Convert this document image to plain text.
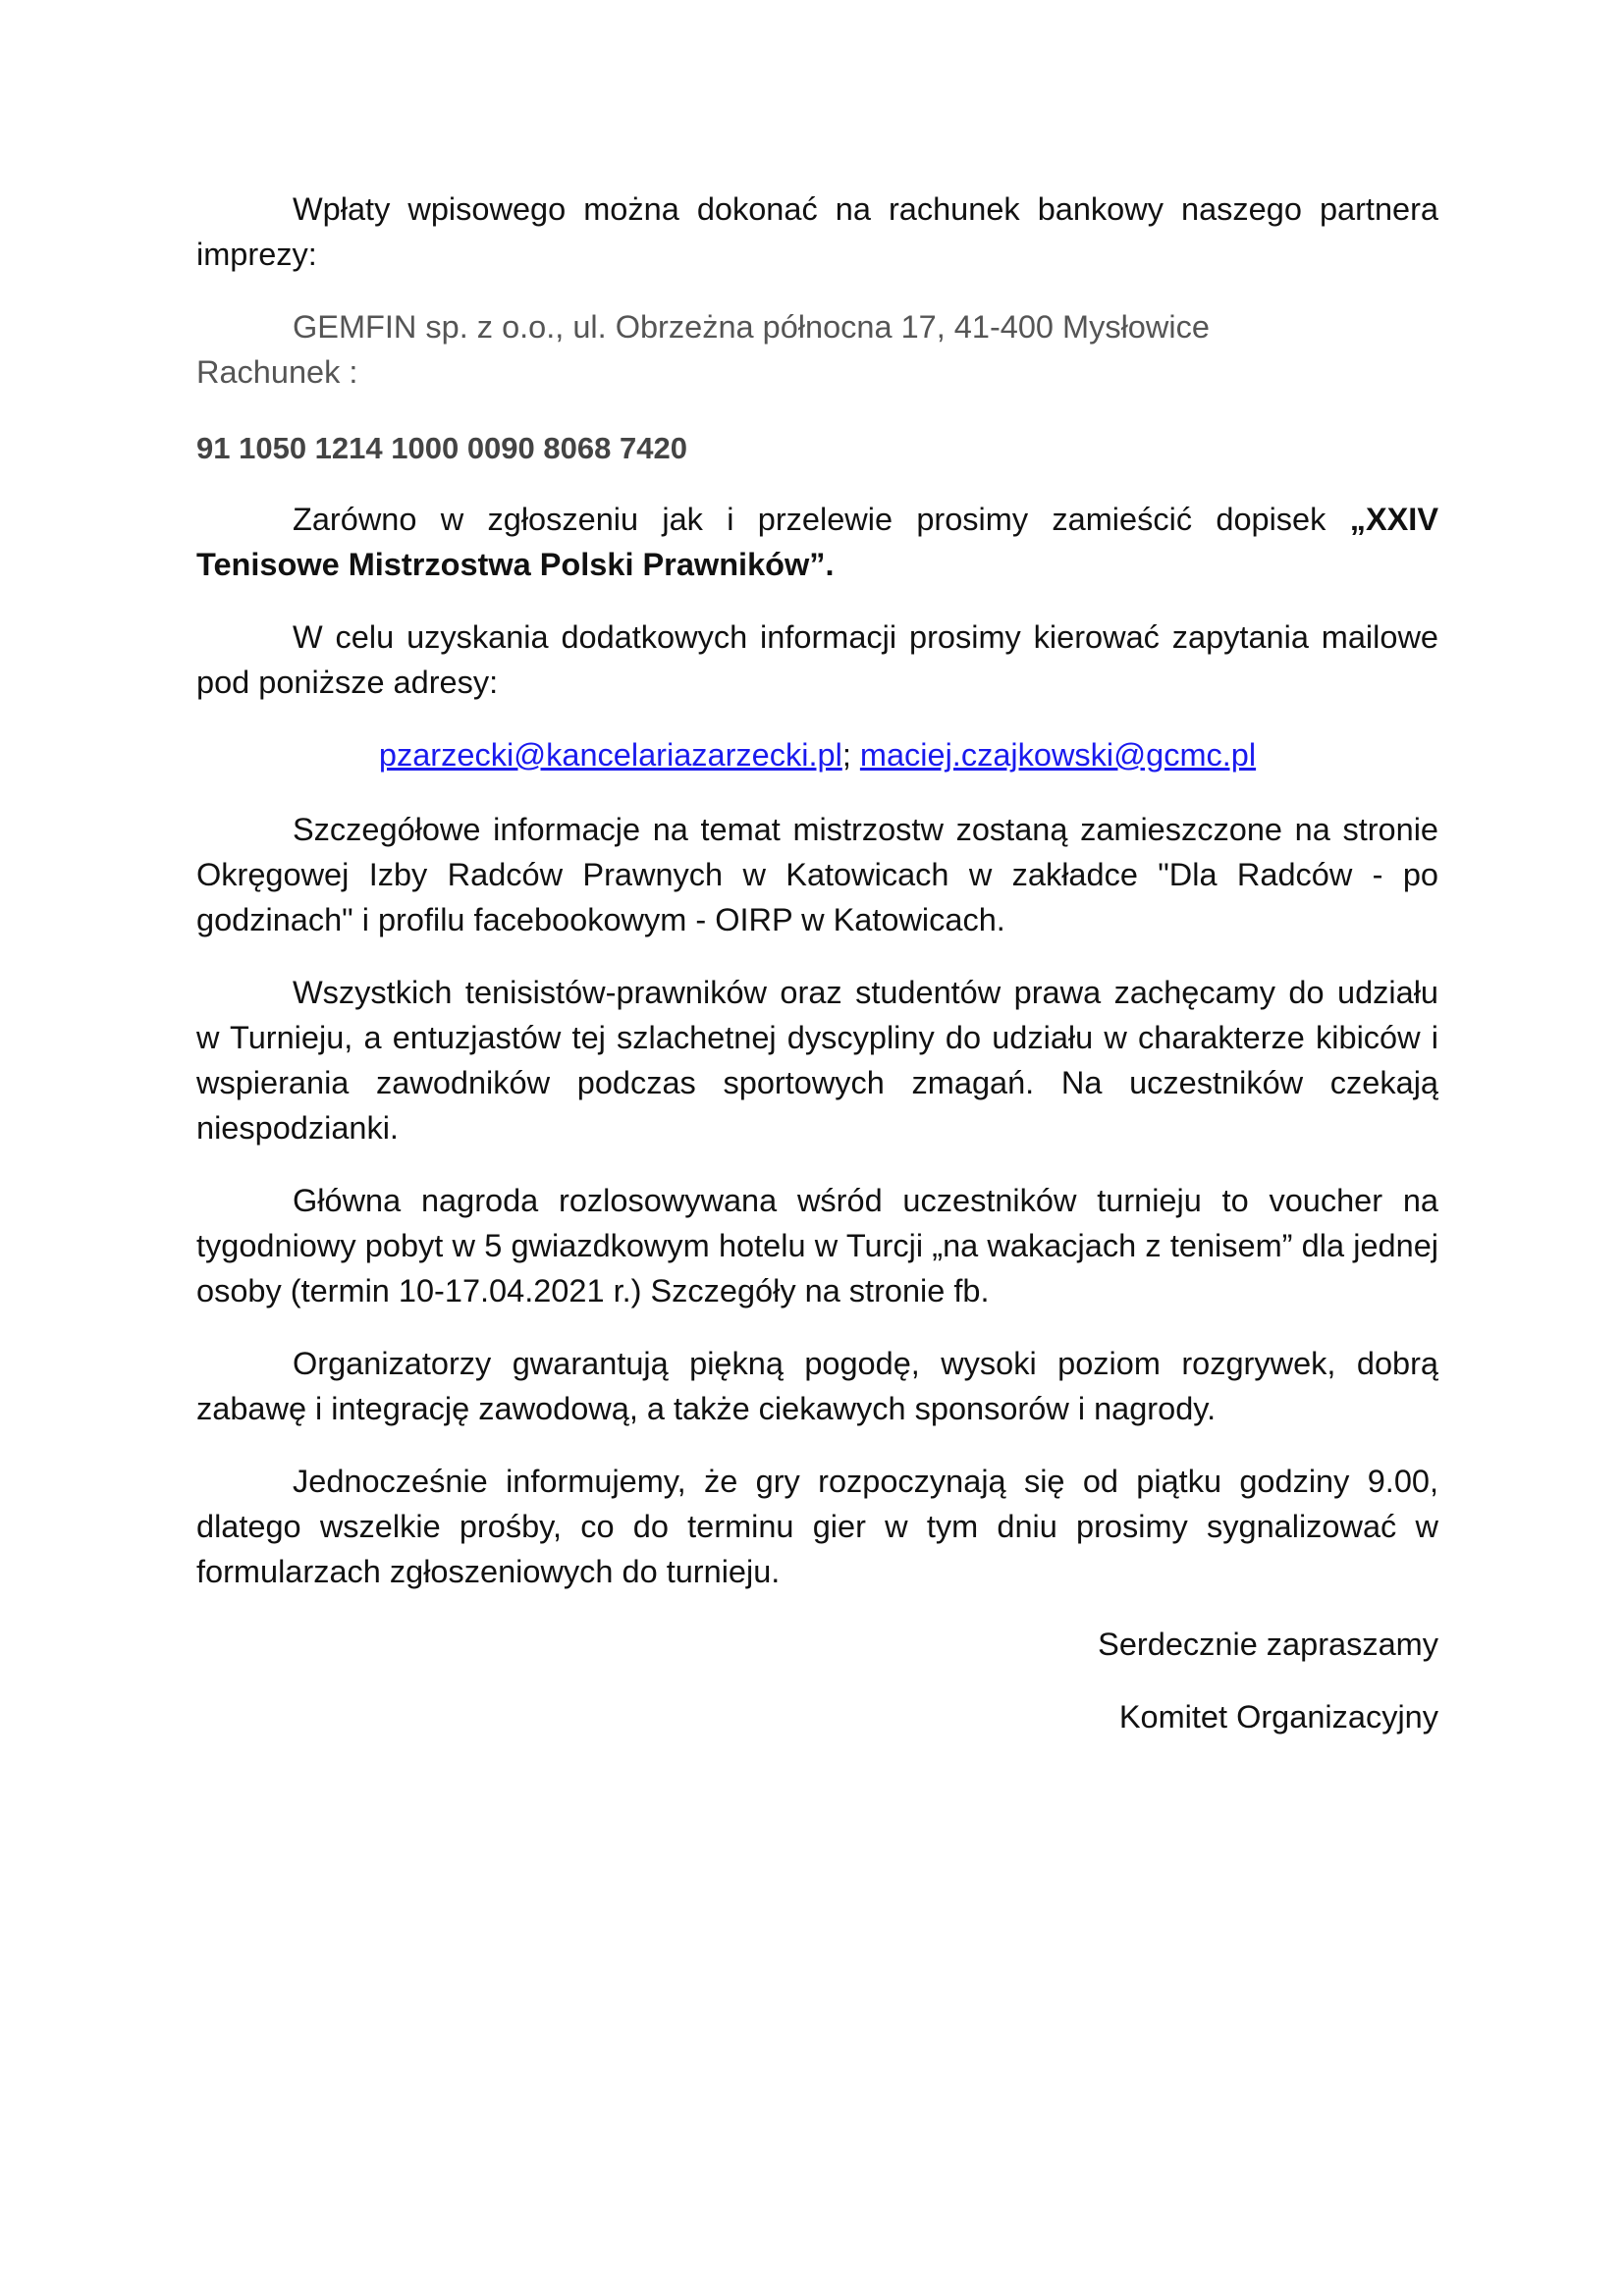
Wpłaty wpisowego można dokonać na rachunek bankowy naszego partnera imprezy:

GEMFIN sp. z o.o., ul. Obrzeżna północna 17, 41-400 Mysłowice
Rachunek :

91 1050 1214 1000 0090 8068 7420

Zarówno w zgłoszeniu jak i przelewie prosimy zamieścić dopisek „XXIV Tenisowe Mistrzostwa Polski Prawników”.

W celu uzyskania dodatkowych informacji prosimy kierować zapytania mailowe pod poniższe adresy:

pzarzecki@kancelariazarzecki.pl; maciej.czajkowski@gcmc.pl

Szczegółowe informacje na temat mistrzostw zostaną zamieszczone na stronie Okręgowej Izby Radców Prawnych w Katowicach w zakładce "Dla Radców - po godzinach" i profilu facebookowym - OIRP w Katowicach.

Wszystkich tenisistów-prawników oraz studentów prawa zachęcamy do udziału w Turnieju, a entuzjastów tej szlachetnej dyscypliny do udziału w charakterze kibiców i wspierania zawodników podczas sportowych zmagań. Na uczestników czekają niespodzianki.

Główna nagroda rozlosowywana wśród uczestników turnieju to voucher na tygodniowy pobyt w 5 gwiazdkowym hotelu w Turcji „na wakacjach z tenisem” dla jednej osoby (termin 10-17.04.2021 r.) Szczegóły na stronie fb.

Organizatorzy gwarantują piękną pogodę, wysoki poziom rozgrywek, dobrą zabawę i integrację zawodową, a także ciekawych sponsorów i nagrody.

Jednocześnie informujemy, że gry rozpoczynają się od piątku godziny 9.00, dlatego wszelkie prośby, co do terminu gier w tym dniu prosimy sygnalizować w formularzach zgłoszeniowych do turnieju.

Serdecznie zapraszamy

Komitet Organizacyjny
